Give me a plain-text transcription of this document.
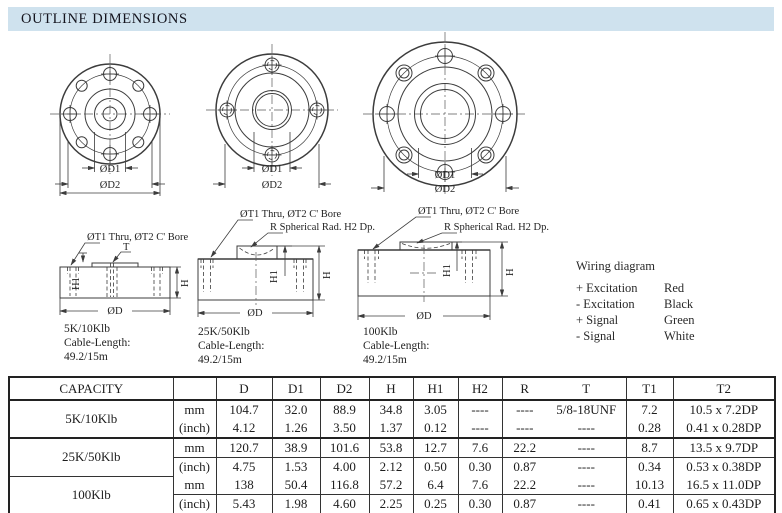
OUTLINE DIMENSIONS
ØD1
ØD2
ØD1
ØD2
ØD1
ØD2
H1	H
ØD
ØT1 Thru, ØT2 C' Bore
T
5K/10Klb
Cable-Length:
49.2/15m
H1	H
ØD
ØT1 Thru, ØT2 C' Bore
R Spherical Rad. H2 Dp.
25K/50Klb
Cable-Length:
49.2/15m
H1	H
ØD
ØT1 Thru, ØT2 C' Bore
R Spherical Rad. H2 Dp.
100Klb
Cable-Length:
49.2/15m
Wiring diagram
+ Excitation	Red
- Excitation	Black
+ Signal	Green
- Signal	White
CAPACITY		D	D1	D2	H	H1	H2	R	T	T1	T2
5K/10Klb	mm	104.7	32.0	88.9	34.8	3.05	----	----	5/8-18UNF	7.2	10.5 x 7.2DP
	(inch)	4.12	1.26	3.50	1.37	0.12	----	----	----	0.28	0.41 x 0.28DP
25K/50Klb	mm	120.7	38.9	101.6	53.8	12.7	7.6	22.2	----	8.7	13.5 x 9.7DP
	(inch)	4.75	1.53	4.00	2.12	0.50	0.30	0.87	----	0.34	0.53 x 0.38DP
100Klb	mm	138	50.4	116.8	57.2	6.4	7.6	22.2	----	10.13	16.5 x 11.0DP
	(inch)	5.43	1.98	4.60	2.25	0.25	0.30	0.87	----	0.41	0.65 x 0.43DP
